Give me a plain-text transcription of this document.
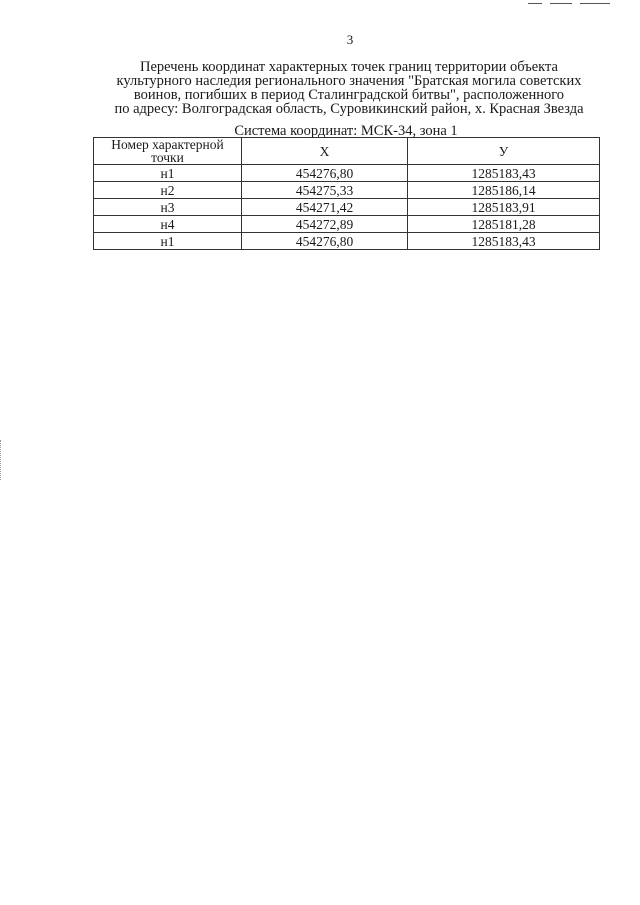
3
Перечень координат характерных точек границ территории объекта
культурного наследия регионального значения "Братская могила советских
воинов, погибших в период Сталинградской битвы", расположенного
по адресу: Волгоградская область, Суровикинский район, х. Красная Звезда
Система координат: МСК-34, зона 1
Номер характерной точки	X	У
н1	454276,80	1285183,43
н2	454275,33	1285186,14
н3	454271,42	1285183,91
н4	454272,89	1285181,28
н1	454276,80	1285183,43
